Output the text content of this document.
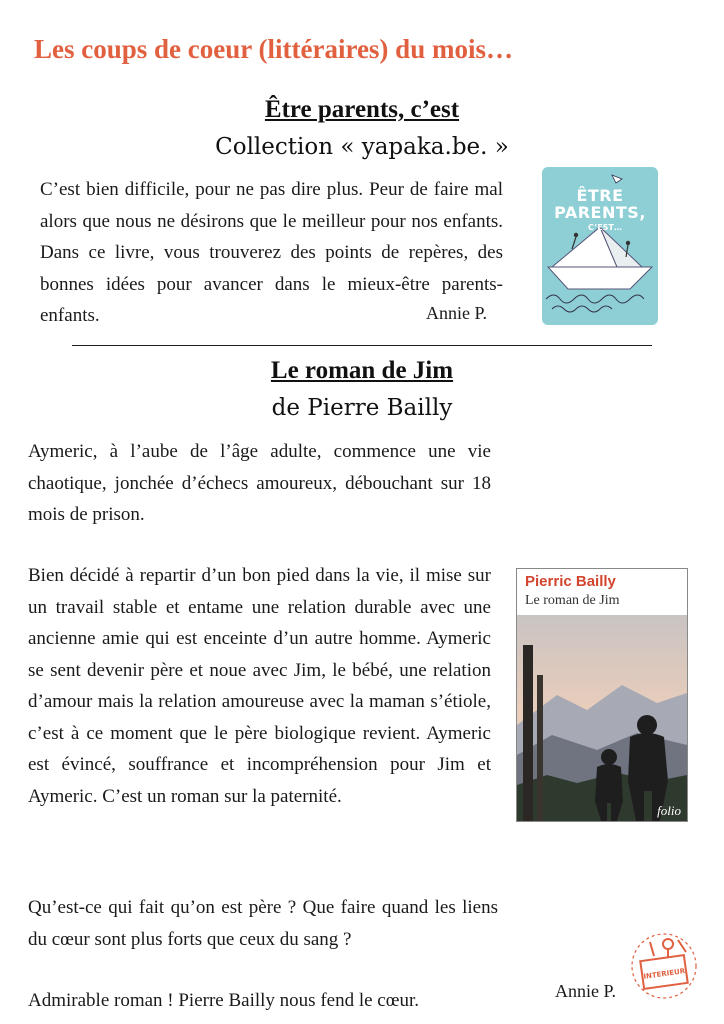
Les coups de coeur (littéraires) du mois…
Être parents, c’est
Collection « yapaka.be. »

C’est bien difficile, pour ne pas dire plus. Peur de faire mal alors que nous ne désirons que le meilleur pour nos enfants. Dans ce livre, vous trouverez des points de repères, des bonnes idées pour avancer dans le mieux-être parents-enfants.	Annie P.
ÊTRE
PARENTS,
C’EST…
Le roman de Jim
de Pierre Bailly

Aymeric, à l’aube de l’âge adulte, commence une vie chaotique, jonchée d’échecs amoureux, débouchant sur 18 mois de prison.

Bien décidé à repartir d’un bon pied dans la vie, il mise sur un travail stable et entame une relation durable avec une ancienne amie qui est enceinte d’un autre homme. Aymeric se sent devenir père et noue avec Jim, le bébé, une relation d’amour mais la relation amoureuse avec la maman s’étiole, c’est à ce moment que le père biologique revient. Aymeric est évincé, souffrance et incompréhension pour Jim et Aymeric. C’est un roman sur la paternité.

Qu’est-ce qui fait qu’on est père ? Que faire quand les liens du cœur sont plus forts que ceux du sang ?

Admirable roman ! Pierre Bailly nous fend le cœur.	Annie P.
Pierric Bailly
Le roman de Jim
folio
INTERIEUR
